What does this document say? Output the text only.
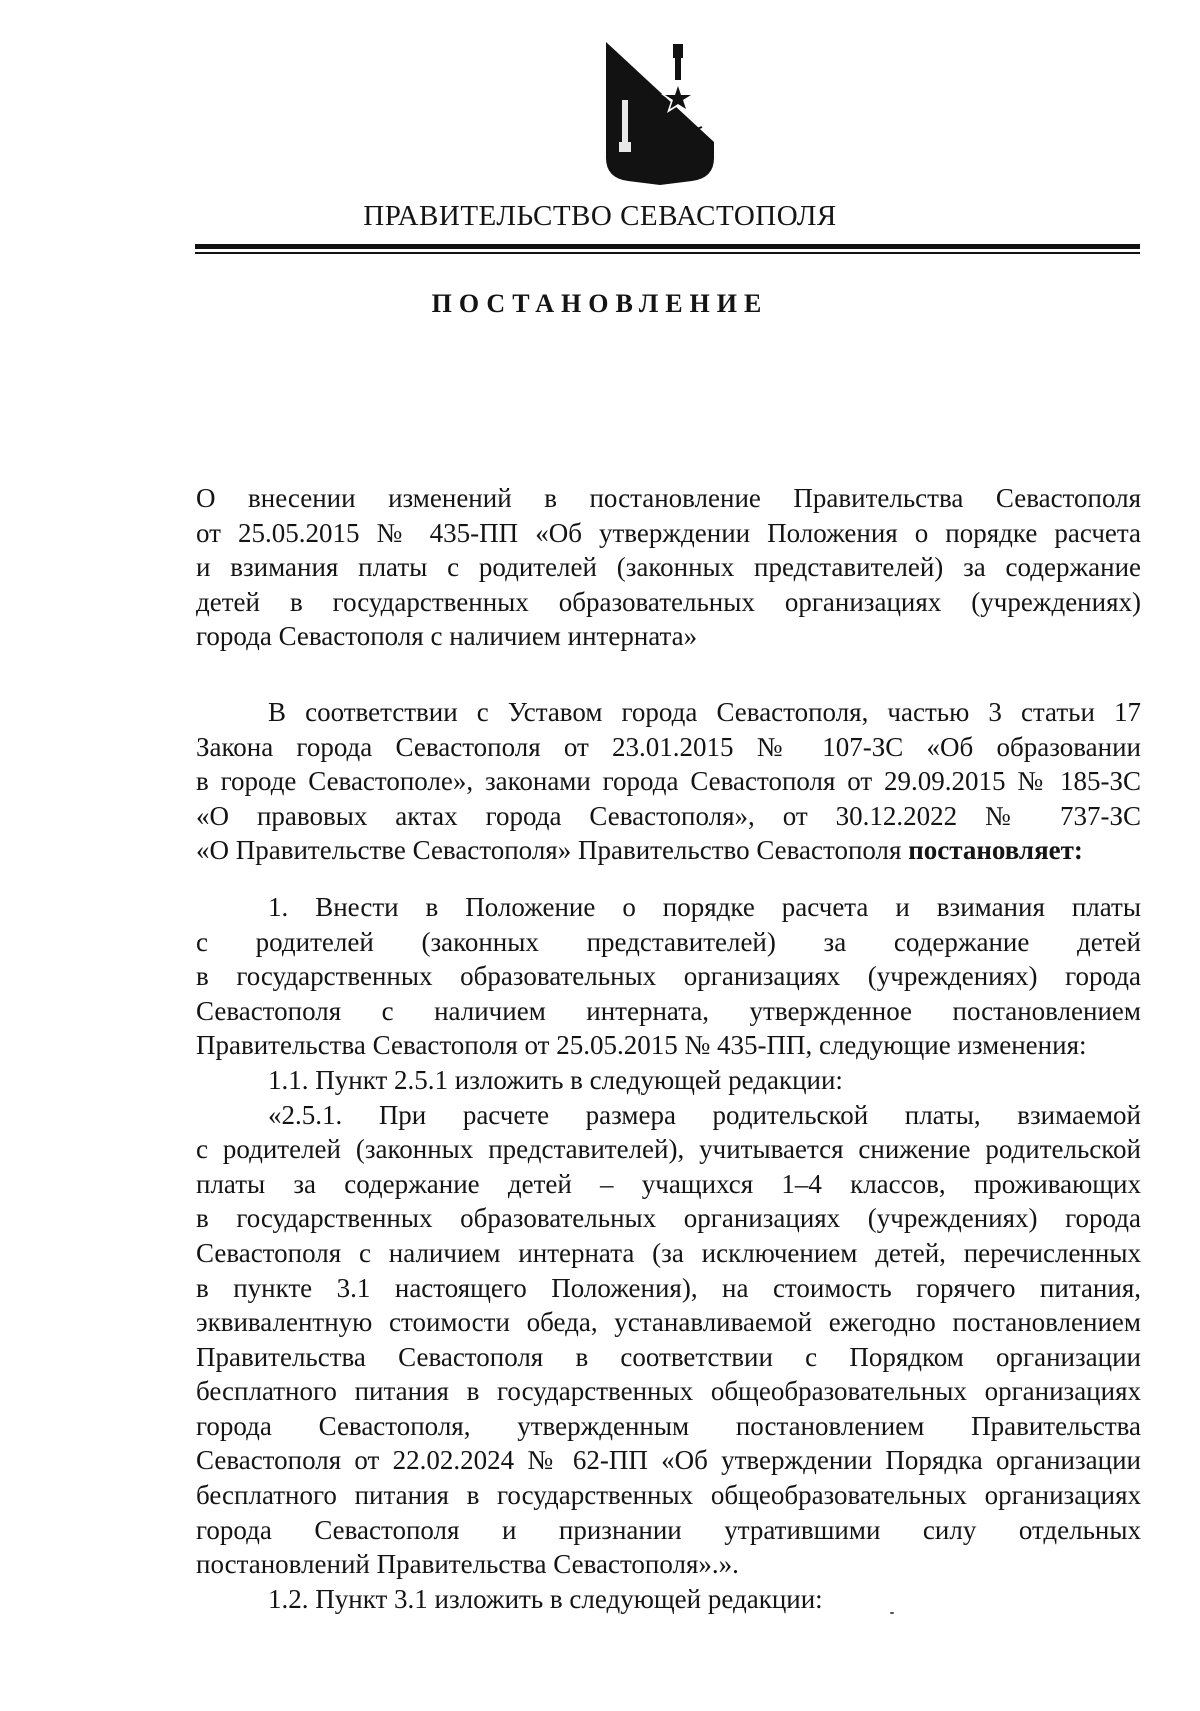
ПРАВИТЕЛЬСТВО СЕВАСТОПОЛЯ
ПОСТАНОВЛЕНИЕ
О внесении изменений в постановление Правительства Севастополя
от 25.05.2015 № 435-ПП «Об утверждении Положения о порядке расчета
и взимания платы с родителей (законных представителей) за содержание
детей в государственных образовательных организациях (учреждениях)
города Севастополя с наличием интерната»
В соответствии с Уставом города Севастополя, частью 3 статьи 17
Закона города Севастополя от 23.01.2015 № 107-ЗС «Об образовании
в городе Севастополе», законами города Севастополя от 29.09.2015 № 185-ЗС
«О правовых актах города Севастополя», от 30.12.2022 № 737-ЗС
«О Правительстве Севастополя» Правительство Севастополя постановляет:
1. Внести в Положение о порядке расчета и взимания платы
с родителей (законных представителей) за содержание детей
в государственных образовательных организациях (учреждениях) города
Севастополя с наличием интерната, утвержденное постановлением
Правительства Севастополя от 25.05.2015 № 435-ПП, следующие изменения:
1.1. Пункт 2.5.1 изложить в следующей редакции:
«2.5.1. При расчете размера родительской платы, взимаемой
с родителей (законных представителей), учитывается снижение родительской
платы за содержание детей – учащихся 1–4 классов, проживающих
в государственных образовательных организациях (учреждениях) города
Севастополя с наличием интерната (за исключением детей, перечисленных
в пункте 3.1 настоящего Положения), на стоимость горячего питания,
эквивалентную стоимости обеда, устанавливаемой ежегодно постановлением
Правительства Севастополя в соответствии с Порядком организации
бесплатного питания в государственных общеобразовательных организациях
города Севастополя, утвержденным постановлением Правительства
Севастополя от 22.02.2024 № 62-ПП «Об утверждении Порядка организации
бесплатного питания в государственных общеобразовательных организациях
города Севастополя и признании утратившими силу отдельных
постановлений Правительства Севастополя».».
1.2. Пункт 3.1 изложить в следующей редакции:
